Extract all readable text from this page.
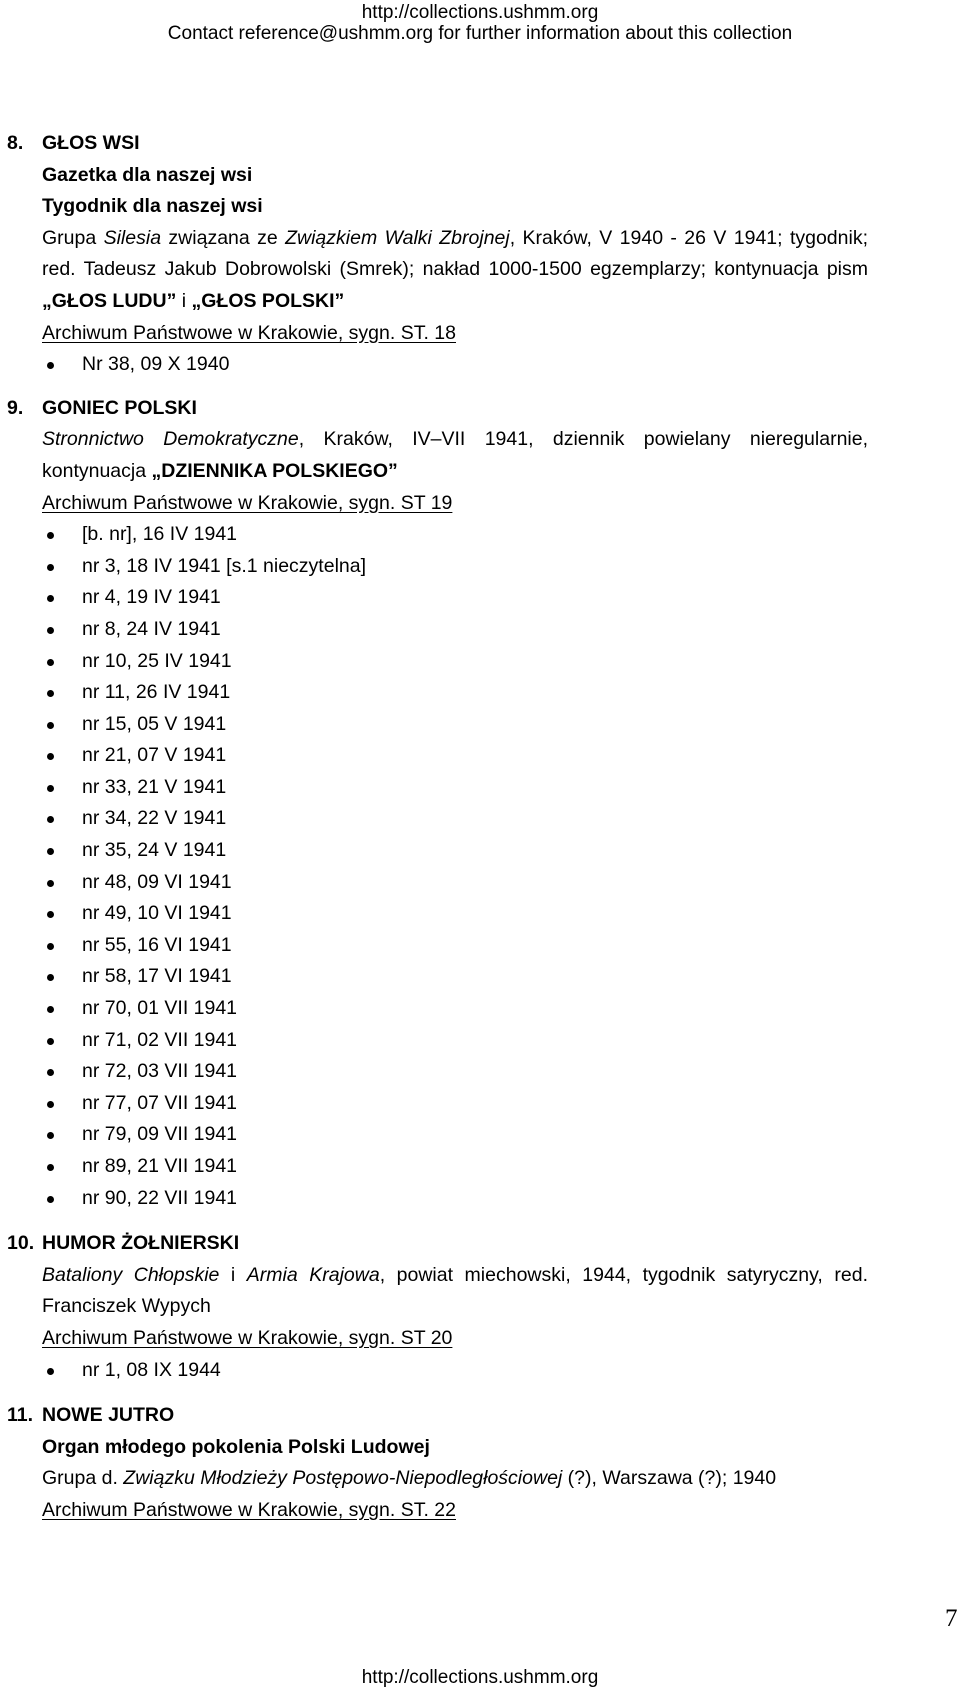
http://collections.ushmm.org
Contact reference@ushmm.org for further information about this collection
8. GŁOS WSI
Gazetka dla naszej wsi
Tygodnik dla naszej wsi
Grupa Silesia związana ze Związkiem Walki Zbrojnej, Kraków, V 1940 - 26 V 1941; tygodnik; red. Tadeusz Jakub Dobrowolski (Smrek); nakład 1000-1500 egzemplarzy; kontynuacja pism „GŁOS LUDU” i „GŁOS POLSKI”
Archiwum Państwowe w Krakowie, sygn. ST. 18
Nr 38, 09 X 1940
9. GONIEC POLSKI
Stronnictwo Demokratyczne, Kraków, IV–VII 1941, dziennik powielany nieregularnie, kontynuacja „DZIENNIKA POLSKIEGO”
Archiwum Państwowe w Krakowie, sygn. ST 19
[b. nr], 16 IV 1941
nr 3, 18 IV 1941 [s.1 nieczytelna]
nr 4, 19 IV 1941
nr 8, 24 IV 1941
nr 10, 25 IV 1941
nr 11, 26 IV 1941
nr 15, 05 V 1941
nr 21, 07 V 1941
nr 33, 21 V 1941
nr 34, 22 V 1941
nr 35, 24 V 1941
nr 48, 09 VI 1941
nr 49, 10 VI 1941
nr 55, 16 VI 1941
nr 58, 17 VI 1941
nr 70, 01 VII 1941
nr 71, 02 VII 1941
nr 72, 03 VII 1941
nr 77, 07 VII 1941
nr 79, 09 VII 1941
nr 89, 21 VII 1941
nr 90, 22 VII 1941
10. HUMOR ŻOŁNIERSKI
Bataliony Chłopskie i Armia Krajowa, powiat miechowski, 1944, tygodnik satyryczny, red. Franciszek Wypych
Archiwum Państwowe w Krakowie, sygn. ST 20
nr 1, 08 IX 1944
11. NOWE JUTRO
Organ młodego pokolenia Polski Ludowej
Grupa d. Związku Młodzieży Postępowo-Niepodległościowej (?), Warszawa (?); 1940
Archiwum Państwowe w Krakowie, sygn. ST. 22
7
http://collections.ushmm.org
